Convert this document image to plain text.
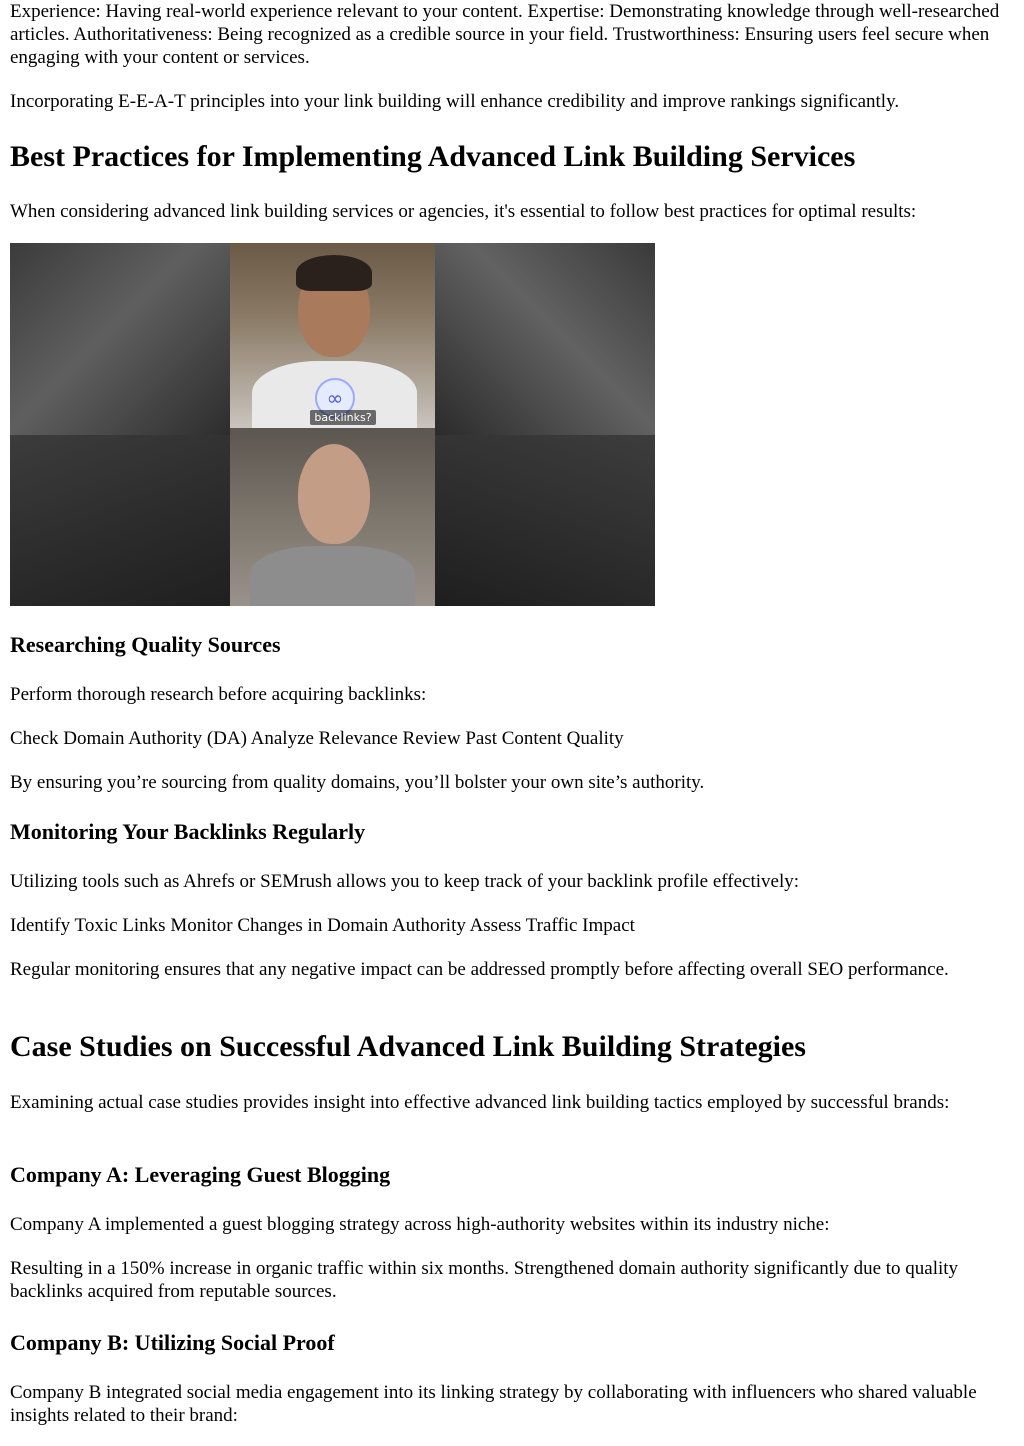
Experience: Having real-world experience relevant to your content. Expertise: Demonstrating knowledge through well-researched articles. Authoritativeness: Being recognized as a credible source in your field. Trustworthiness: Ensuring users feel secure when engaging with your content or services.

Incorporating E-E-A-T principles into your link building will enhance credibility and improve rankings significantly.

Best Practices for Implementing Advanced Link Building Services

When considering advanced link building services or agencies, it's essential to follow best practices for optimal results:

∞
backlinks?
Researching Quality Sources

Perform thorough research before acquiring backlinks:

Check Domain Authority (DA) Analyze Relevance Review Past Content Quality

By ensuring you’re sourcing from quality domains, you’ll bolster your own site’s authority.

Monitoring Your Backlinks Regularly

Utilizing tools such as Ahrefs or SEMrush allows you to keep track of your backlink profile effectively:

Identify Toxic Links Monitor Changes in Domain Authority Assess Traffic Impact

Regular monitoring ensures that any negative impact can be addressed promptly before affecting overall SEO performance.

Case Studies on Successful Advanced Link Building Strategies

Examining actual case studies provides insight into effective advanced link building tactics employed by successful brands:

Company A: Leveraging Guest Blogging

Company A implemented a guest blogging strategy across high-authority websites within its industry niche:

Resulting in a 150% increase in organic traffic within six months. Strengthened domain authority significantly due to quality backlinks acquired from reputable sources.

Company B: Utilizing Social Proof

Company B integrated social media engagement into its linking strategy by collaborating with influencers who shared valuable insights related to their brand:
